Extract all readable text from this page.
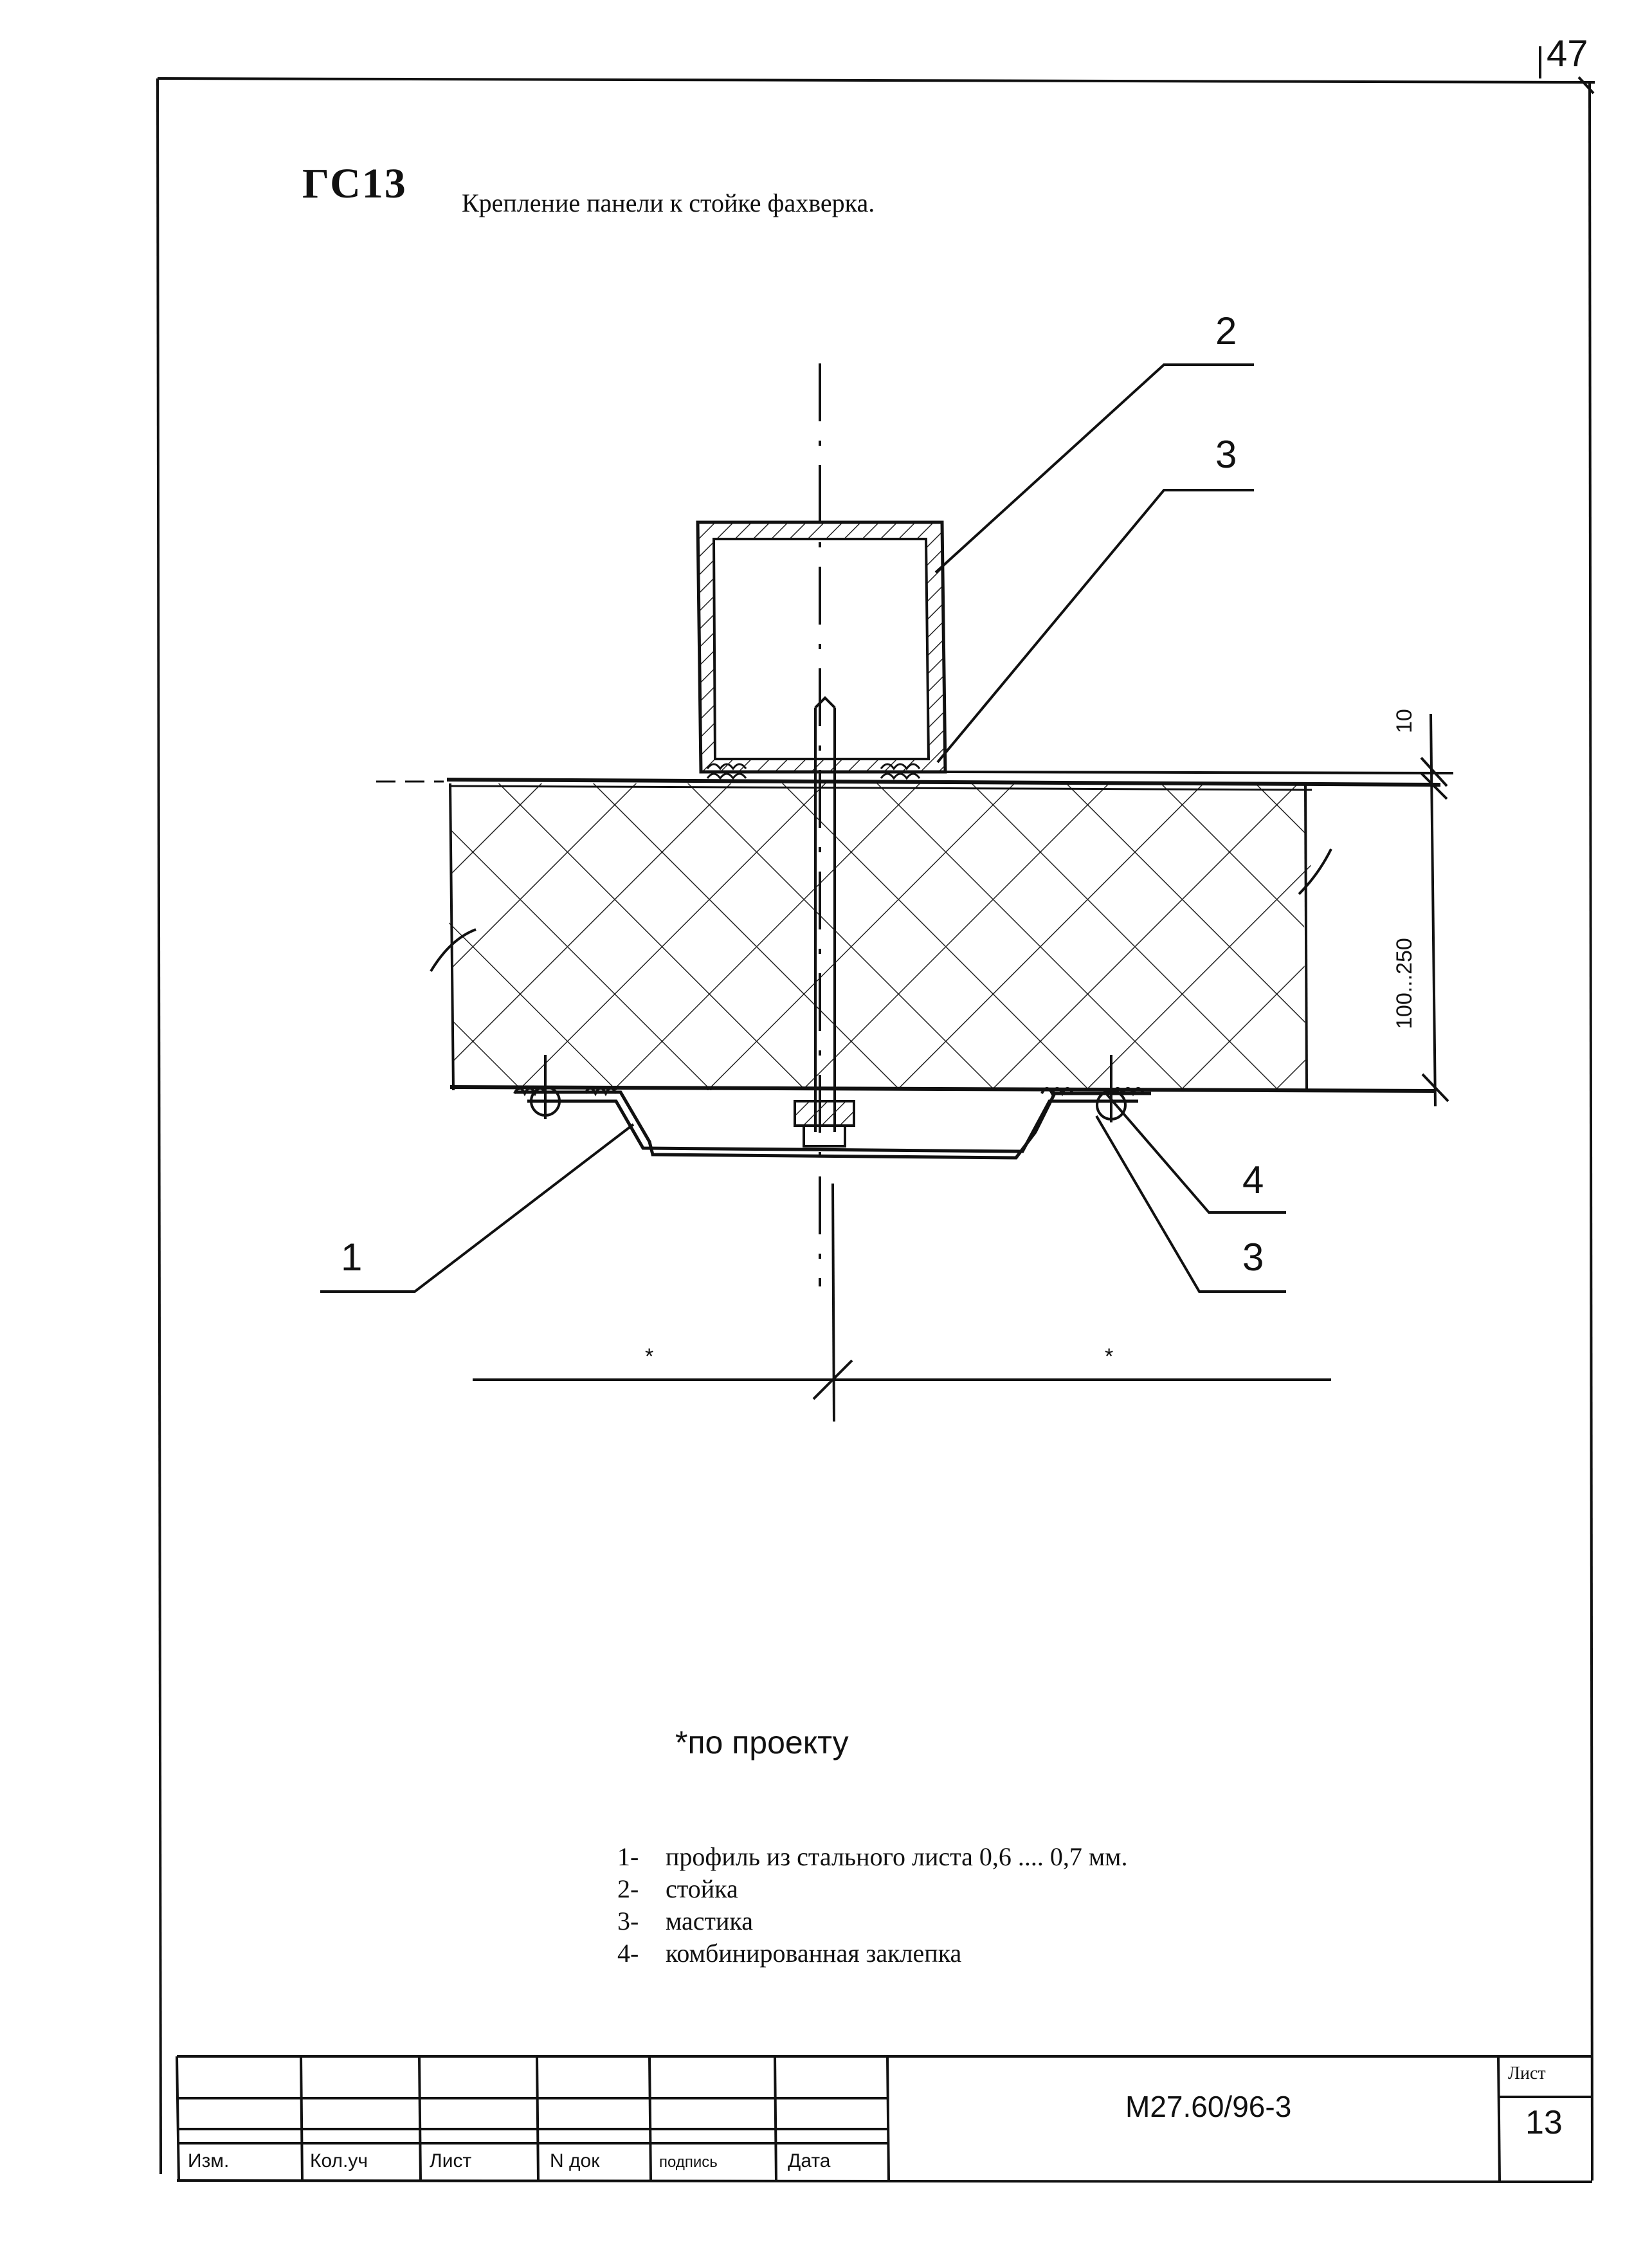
47
ГС13 Крепление панели к стойке фахверка.
2
3
4
3
1
10
100...250
*	*
*по проекту
1-	профиль из стального листа 0,6 .... 0,7 мм.
2-	стойка
3-	мастика
4-	комбинированная заклепка
Изм.	Кол.уч	Лист	N док	подпись	Дата
М27.60/96-3
Лист
13
